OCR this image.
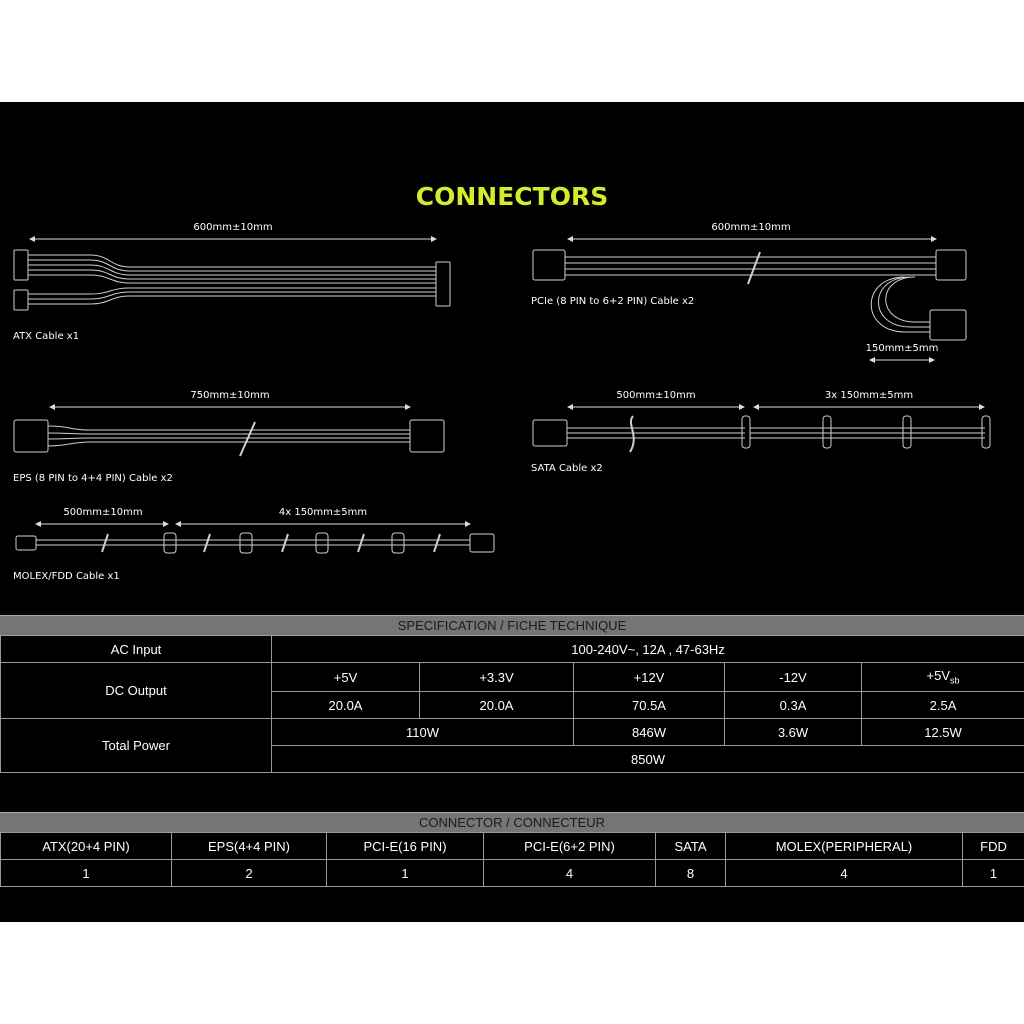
CONNECTORS
600mm±10mm	600mm±10mm
150mm±5mm
750mm±10mm	500mm±10mm	3x 150mm±5mm
500mm±10mm	4x 150mm±5mm
ATX Cable x1
PCIe (8 PIN to 6+2 PIN) Cable x2
EPS (8 PIN to 4+4 PIN) Cable x2
SATA Cable x2
MOLEX/FDD Cable x1
SPECIFICATION / FICHE TECHNIQUE
AC Input	100-240V~, 12A , 47-63Hz				
DC Output	+5V	+3.3V	+12V	-12V	$+5V_{sb}$
	20.0A	20.0A	70.5A	0.3A	2.5A
Total Power	110W		846W	3.6W	12.5W
	850W				
CONNECTOR / CONNECTEUR
ATX(20+4 PIN)	EPS(4+4 PIN)	PCI-E(16 PIN)	PCI-E(6+2 PIN)	SATA	MOLEX(PERIPHERAL)	FDD
1	2	1	4	8	4	1
